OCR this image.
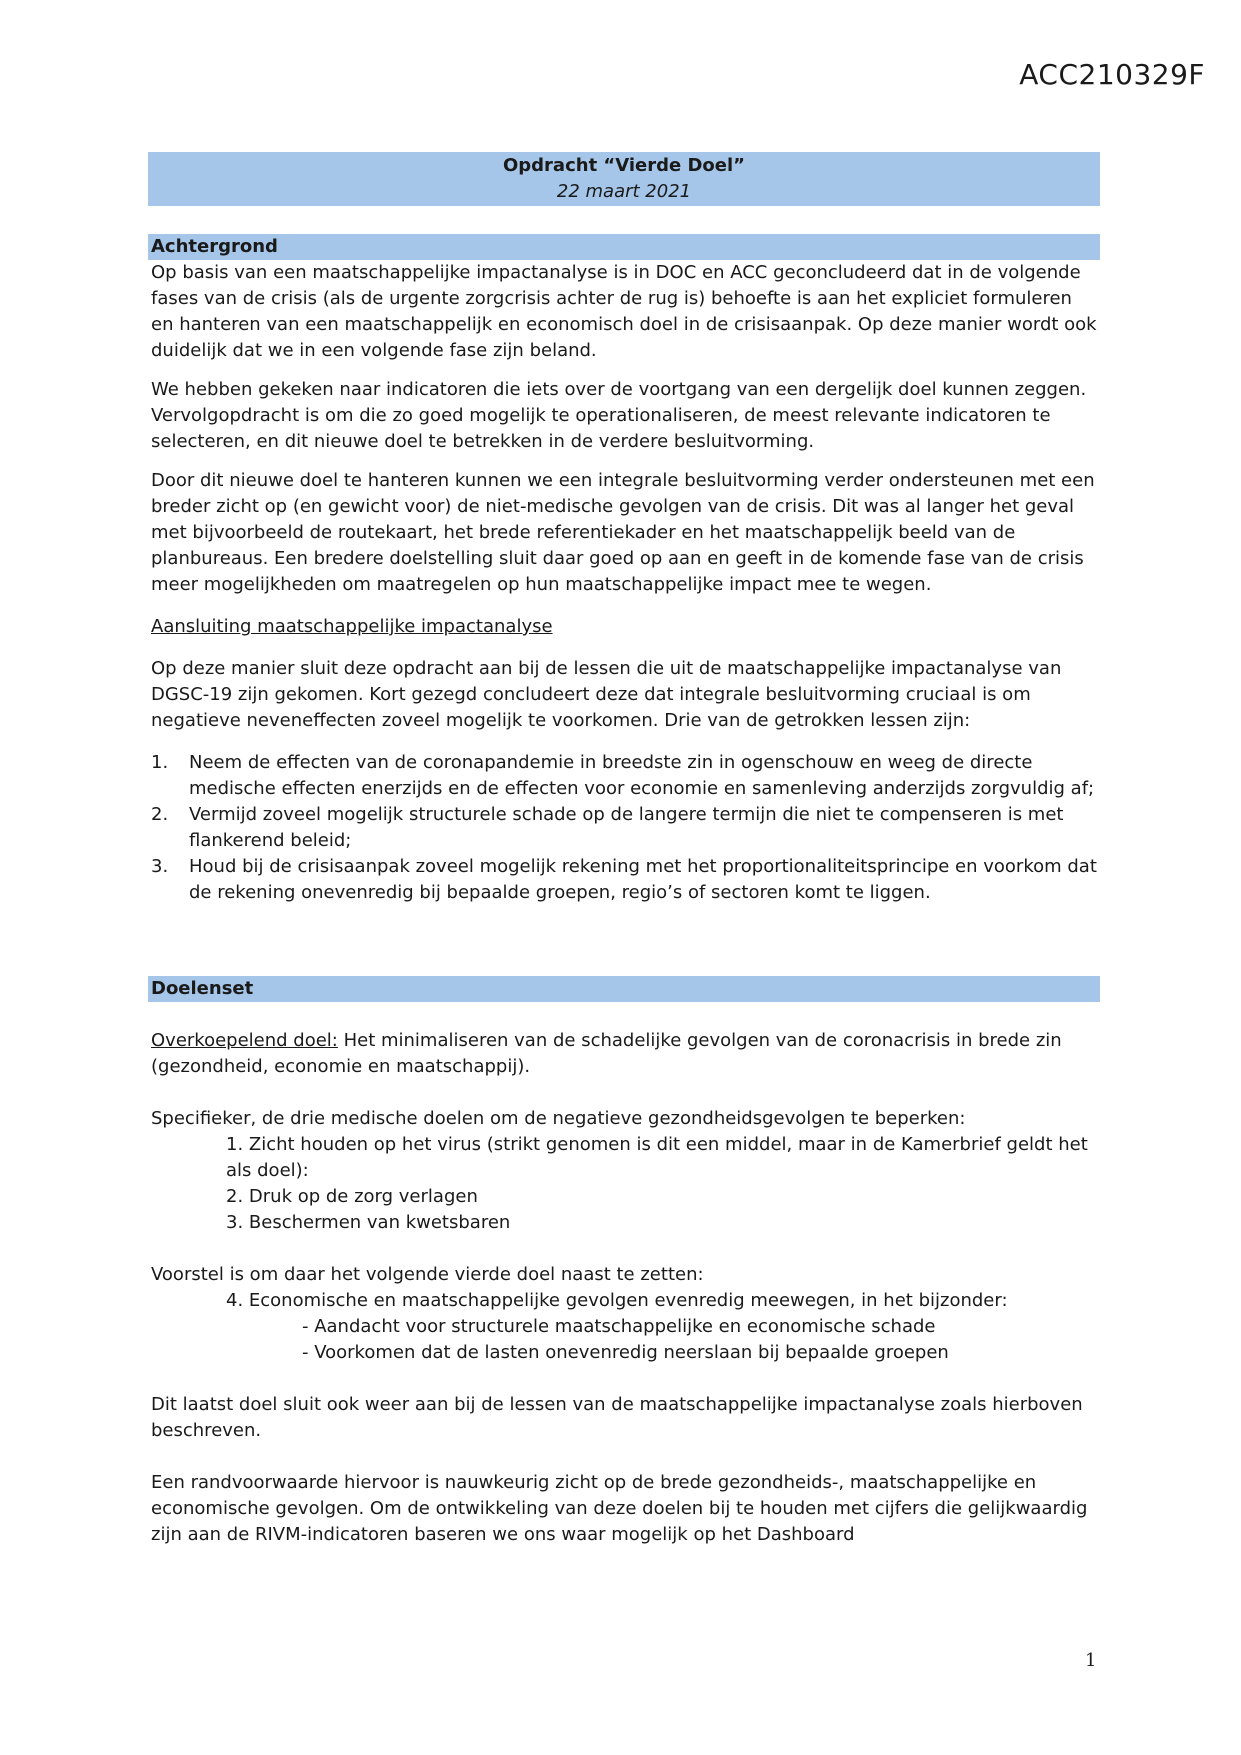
ACC210329F
Opdracht “Vierde Doel”
22 maart 2021
Achtergrond

Op basis van een maatschappelijke impactanalyse is in DOC en ACC geconcludeerd dat in de volgende fases van de crisis (als de urgente zorgcrisis achter de rug is) behoefte is aan het expliciet formuleren en hanteren van een maatschappelijk en economisch doel in de crisisaanpak. Op deze manier wordt ook duidelijk dat we in een volgende fase zijn beland.

We hebben gekeken naar indicatoren die iets over de voortgang van een dergelijk doel kunnen zeggen. Vervolgopdracht is om die zo goed mogelijk te operationaliseren, de meest relevante indicatoren te selecteren, en dit nieuwe doel te betrekken in de verdere besluitvorming.

Door dit nieuwe doel te hanteren kunnen we een integrale besluitvorming verder ondersteunen met een breder zicht op (en gewicht voor) de niet-medische gevolgen van de crisis. Dit was al langer het geval met bijvoorbeeld de routekaart, het brede referentiekader en het maatschappelijk beeld van de planbureaus. Een bredere doelstelling sluit daar goed op aan en geeft in de komende fase van de crisis meer mogelijkheden om maatregelen op hun maatschappelijke impact mee te wegen.

Aansluiting maatschappelijke impactanalyse

Op deze manier sluit deze opdracht aan bij de lessen die uit de maatschappelijke impactanalyse van DGSC-19 zijn gekomen. Kort gezegd concludeert deze dat integrale besluitvorming cruciaal is om negatieve neveneffecten zoveel mogelijk te voorkomen. Drie van de getrokken lessen zijn:

1. Neem de effecten van de coronapandemie in breedste zin in ogenschouw en weeg de directe medische effecten enerzijds en de effecten voor economie en samenleving anderzijds zorgvuldig af;
2. Vermijd zoveel mogelijk structurele schade op de langere termijn die niet te compenseren is met flankerend beleid;
3. Houd bij de crisisaanpak zoveel mogelijk rekening met het proportionaliteitsprincipe en voorkom dat de rekening onevenredig bij bepaalde groepen, regio’s of sectoren komt te liggen.
Doelenset

Overkoepelend doel: Het minimaliseren van de schadelijke gevolgen van de coronacrisis in brede zin (gezondheid, economie en maatschappij).

Specifieker, de drie medische doelen om de negatieve gezondheidsgevolgen te beperken:

1. Zicht houden op het virus (strikt genomen is dit een middel, maar in de Kamerbrief geldt het als doel):

2. Druk op de zorg verlagen

3. Beschermen van kwetsbaren

Voorstel is om daar het volgende vierde doel naast te zetten:

4. Economische en maatschappelijke gevolgen evenredig meewegen, in het bijzonder:

- Aandacht voor structurele maatschappelijke en economische schade

- Voorkomen dat de lasten onevenredig neerslaan bij bepaalde groepen

Dit laatst doel sluit ook weer aan bij de lessen van de maatschappelijke impactanalyse zoals hierboven beschreven.

Een randvoorwaarde hiervoor is nauwkeurig zicht op de brede gezondheids-, maatschappelijke en economische gevolgen. Om de ontwikkeling van deze doelen bij te houden met cijfers die gelijkwaardig zijn aan de RIVM-indicatoren baseren we ons waar mogelijk op het Dashboard

1
